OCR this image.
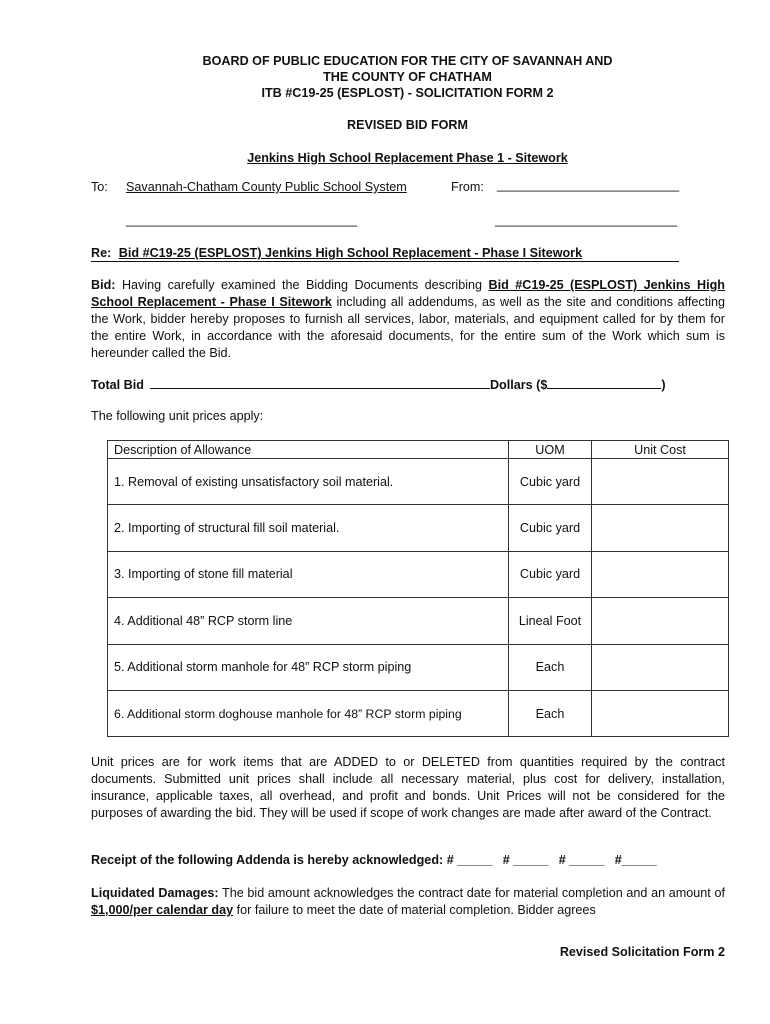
BOARD OF PUBLIC EDUCATION FOR THE CITY OF SAVANNAH AND
THE COUNTY OF CHATHAM
ITB #C19-25 (ESPLOST) - SOLICITATION FORM 2
REVISED BID FORM
Jenkins High School Replacement Phase 1 - Sitework
To: Savannah-Chatham County Public School System	From: __________________________
_________________________________	__________________________
Re: Bid #C19-25 (ESPLOST) Jenkins High School Replacement - Phase I Sitework
Bid: Having carefully examined the Bidding Documents describing Bid #C19-25 (ESPLOST) Jenkins High School Replacement - Phase I Sitework including all addendums, as well as the site and conditions affecting the Work, bidder hereby proposes to furnish all services, labor, materials, and equipment called for by them for the entire Work, in accordance with the aforesaid documents, for the entire sum of the Work which sum is hereunder called the Bid.
Total Bid	Dollars ($	)
The following unit prices apply:
Description of Allowance	UOM	Unit Cost
1. Removal of existing unsatisfactory soil material.	Cubic yard	
2. Importing of structural fill soil material.	Cubic yard	
3. Importing of stone fill material	Cubic yard	
4. Additional 48” RCP storm line	Lineal Foot	
5. Additional storm manhole for 48” RCP storm piping	Each	
6. Additional storm doghouse manhole for 48” RCP storm piping	Each	
Unit prices are for work items that are ADDED to or DELETED from quantities required by the contract documents. Submitted unit prices shall include all necessary material, plus cost for delivery, installation, insurance, applicable taxes, all overhead, and profit and bonds. Unit Prices will not be considered for the purposes of awarding the bid. They will be used if scope of work changes are made after award of the Contract.
Receipt of the following Addenda is hereby acknowledged: # _____   # _____   # _____   #_____
Liquidated Damages: The bid amount acknowledges the contract date for material completion and an amount of $1,000/per calendar day for failure to meet the date of material completion. Bidder agrees
Revised Solicitation Form 2
